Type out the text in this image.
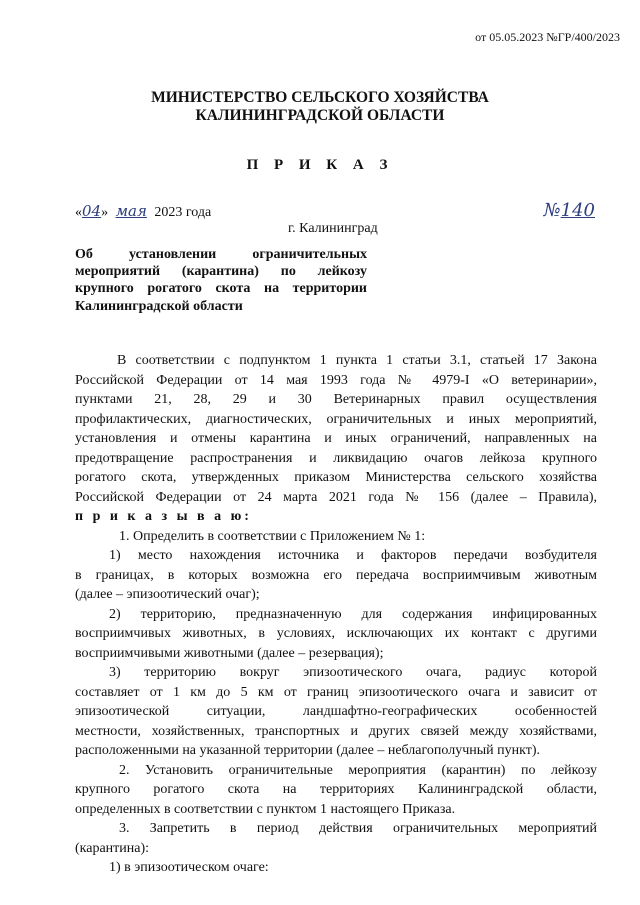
от 05.05.2023 №ГР/400/2023
МИНИСТЕРСТВО СЕЛЬСКОГО ХОЗЯЙСТВА
КАЛИНИНГРАДСКОЙ ОБЛАСТИ
П Р И К А З
«04» мая 2023 года
г. Калининград
№140
Об установлении ограничительных
мероприятий (карантина) по лейкозу
крупного рогатого скота на территории
Калининградской области
В соответствии с подпунктом 1 пункта 1 статьи 3.1, статьей 17 Закона
Российской Федерации от 14 мая 1993 года № 4979-I «О ветеринарии»,
пунктами 21, 28, 29 и 30 Ветеринарных правил осуществления
профилактических, диагностических, ограничительных и иных мероприятий,
установления и отмены карантина и иных ограничений, направленных на
предотвращение распространения и ликвидацию очагов лейкоза крупного
рогатого скота, утвержденных приказом Министерства сельского хозяйства
Российской Федерации от 24 марта 2021 года № 156 (далее – Правила),
п р и к а з ы в а ю:
1. Определить в соответствии с Приложением № 1:
1) место нахождения источника и факторов передачи возбудителя
в границах, в которых возможна его передача восприимчивым животным
(далее – эпизоотический очаг);
2) территорию, предназначенную для содержания инфицированных
восприимчивых животных, в условиях, исключающих их контакт с другими
восприимчивыми животными (далее – резервация);
3) территорию вокруг эпизоотического очага, радиус которой
составляет от 1 км до 5 км от границ эпизоотического очага и зависит от
эпизоотической ситуации, ландшафтно-географических особенностей
местности, хозяйственных, транспортных и других связей между хозяйствами,
расположенными на указанной территории (далее – неблагополучный пункт).
2. Установить ограничительные мероприятия (карантин) по лейкозу
крупного рогатого скота на территориях Калининградской области,
определенных в соответствии с пунктом 1 настоящего Приказа.
3. Запретить в период действия ограничительных мероприятий
(карантина):
1) в эпизоотическом очаге:
